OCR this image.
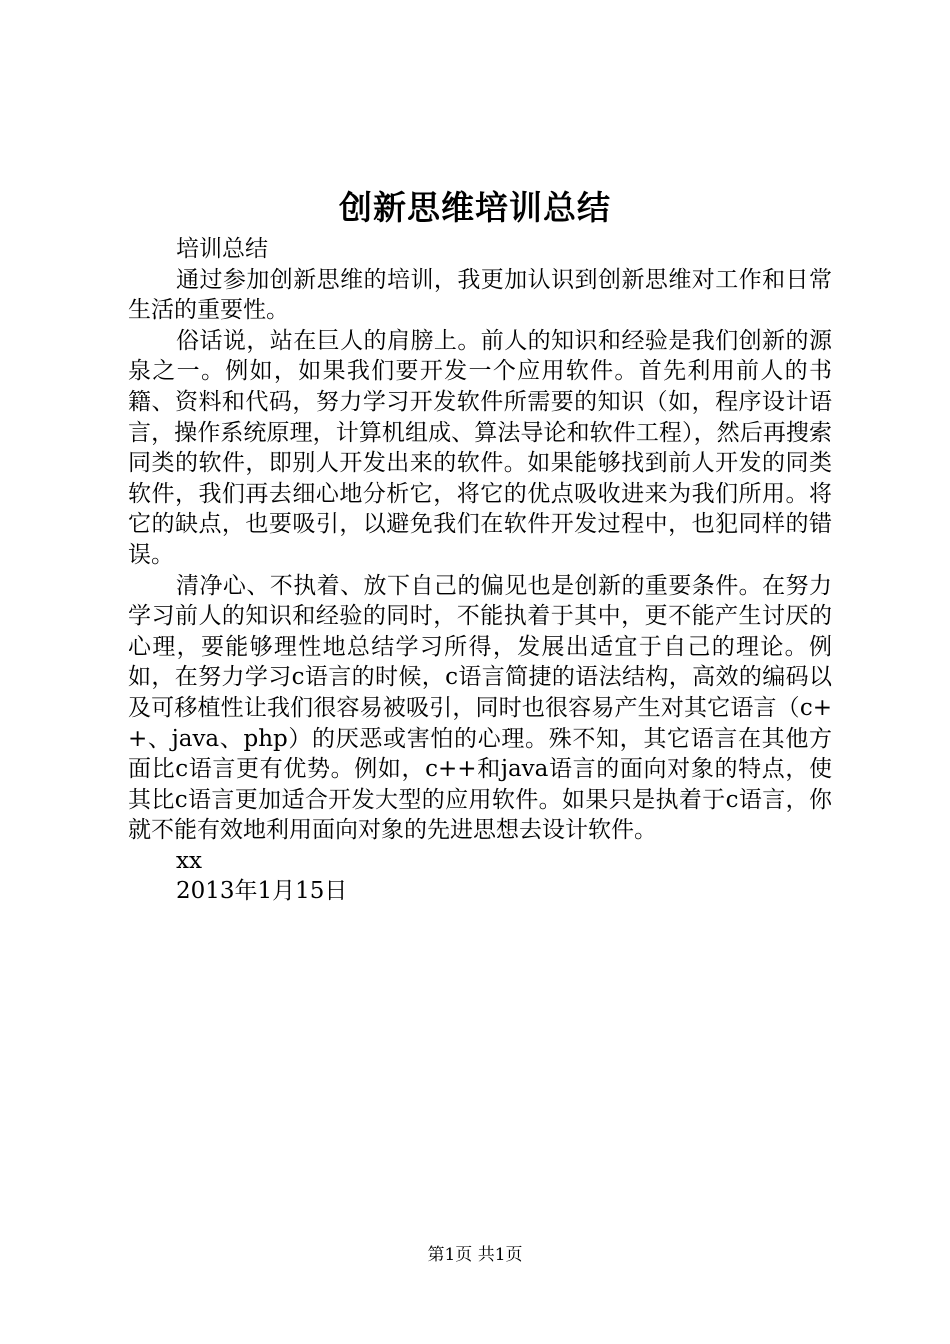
创新思维培训总结

培训总结

通过参加创新思维的培训，我更加认识到创新思维对工作和日常生活的重要性。

俗话说，站在巨人的肩膀上。前人的知识和经验是我们创新的源泉之一。例如，如果我们要开发一个应用软件。首先利用前人的书籍、资料和代码，努力学习开发软件所需要的知识（如，程序设计语言，操作系统原理，计算机组成、算法导论和软件工程），然后再搜索同类的软件，即别人开发出来的软件。如果能够找到前人开发的同类软件，我们再去细心地分析它，将它的优点吸收进来为我们所用。将它的缺点，也要吸引，以避免我们在软件开发过程中，也犯同样的错误。

清净心、不执着、放下自己的偏见也是创新的重要条件。在努力学习前人的知识和经验的同时，不能执着于其中，更不能产生讨厌的心理，要能够理性地总结学习所得，发展出适宜于自己的理论。例如，在努力学习c语言的时候，c语言简捷的语法结构，高效的编码以及可移植性让我们很容易被吸引，同时也很容易产生对其它语言（c++、java、php）的厌恶或害怕的心理。殊不知，其它语言在其他方面比c语言更有优势。例如，c++和java语言的面向对象的特点，使其比c语言更加适合开发大型的应用软件。如果只是执着于c语言，你就不能有效地利用面向对象的先进思想去设计软件。

xx

2013年1月15日

第1页 共1页
